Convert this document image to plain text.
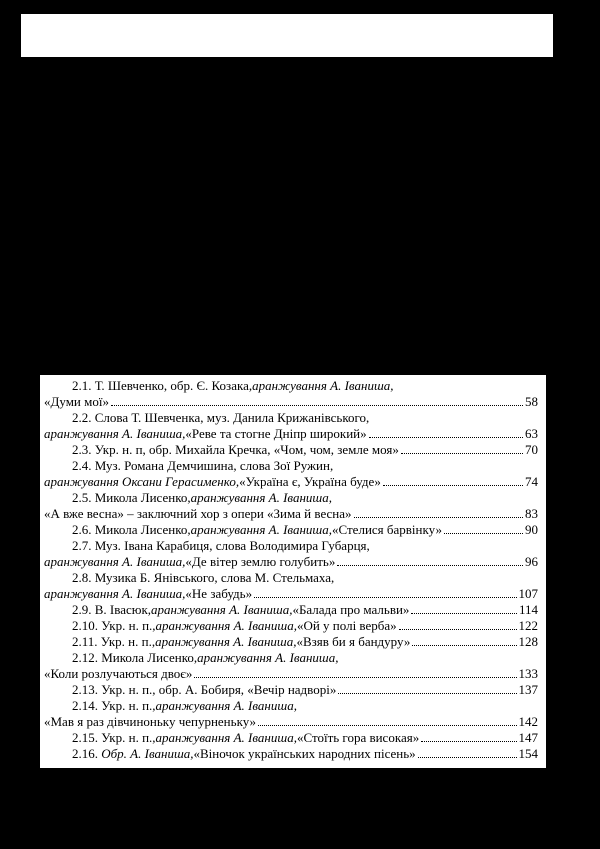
2.1.
Т. Шевченко, обр. Є. Козака, аранжування А. Іваниша,
«Думи мої»	58
2.2.
Слова Т. Шевченка, муз. Данила Крижанівського,
аранжування А. Іваниша, «Реве та стогне Дніпр широкий»	63
2.3.
Укр. н. п, обр. Михайла Кречка, «Чом, чом, земле моя»	70
2.4.
Муз. Романа Демчишина, слова Зої Ружин,
аранжування Оксани Герасименко, «Україна є, Україна буде»	74
2.5.
Микола Лисенко, аранжування А. Іваниша,
«А вже весна» – заключний хор з опери «Зима й весна»	83
2.6.
Микола Лисенко, аранжування А. Іваниша, «Стелися барвінку»	90
2.7.
Муз. Івана Карабиця, слова Володимира Губарця,
аранжування А. Іваниша, «Де вітер землю голубить»	96
2.8.
Музика Б. Янівського, слова М. Стельмаха,
аранжування А. Іваниша, «Не забудь»	107
2.9.
В. Івасюк, аранжування А. Іваниша, «Балада про мальви»	114
2.10.
Укр. н. п., аранжування А. Іваниша, «Ой у полі верба»	122
2.11.
Укр. н. п., аранжування А. Іваниша, «Взяв би я бандуру»	128
2.12.
Микола Лисенко, аранжування А. Іваниша,
«Коли розлучаються двоє»	133
2.13.
Укр. н. п., обр. А. Бобиря, «Вечір надворі»	137
2.14.
Укр. н. п., аранжування А. Іваниша,
«Мав я раз дівчиноньку чепурненьку»	142
2.15.
Укр. н. п., аранжування А. Іваниша, «Стоїть гора високая»	147
2.16.
Обр. А. Іваниша, «Віночок українських народних пісень»	154
